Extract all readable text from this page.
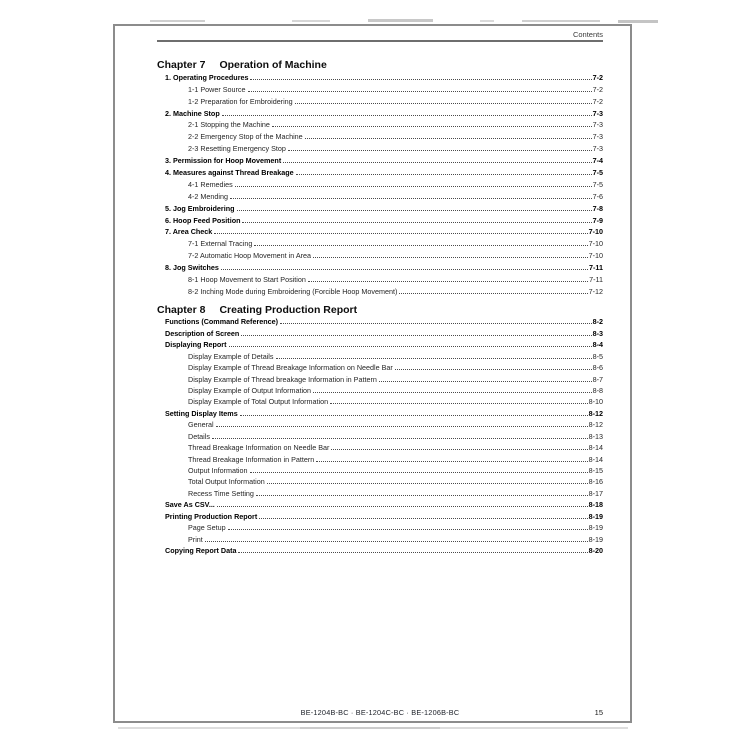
Contents
Chapter 7 Operation of Machine
1. Operating Procedures	7-2
1-1 Power Source	7-2
1-2 Preparation for Embroidering	7-2
2. Machine Stop	7-3
2-1 Stopping the Machine	7-3
2-2 Emergency Stop of the Machine	7-3
2-3 Resetting Emergency Stop	7-3
3. Permission for Hoop Movement	7-4
4. Measures against Thread Breakage	7-5
4-1 Remedies	7-5
4-2 Mending	7-6
5. Jog Embroidering	7-8
6. Hoop Feed Position	7-9
7. Area Check	7-10
7-1 External Tracing	7-10
7-2 Automatic Hoop Movement in Area	7-10
8. Jog Switches	7-11
8-1 Hoop Movement to Start Position	7-11
8-2 Inching Mode during Embroidering (Forcible Hoop Movement)	7-12
Chapter 8 Creating Production Report
Functions (Command Reference)	8-2
Description of Screen	8-3
Displaying Report	8-4
Display Example of Details	8-5
Display Example of Thread Breakage Information on Needle Bar	8-6
Display Example of Thread breakage Information in Pattern	8-7
Display Example of Output Information	8-8
Display Example of Total Output Information	8-10
Setting Display Items	8-12
General	8-12
Details	8-13
Thread Breakage Information on Needle Bar	8-14
Thread Breakage Information in Pattern	8-14
Output Information	8-15
Total Output Information	8-16
Recess Time Setting	8-17
Save As CSV...	8-18
Printing Production Report	8-19
Page Setup	8-19
Print	8-19
Copying Report Data	8-20
BE-1204B-BC · BE-1204C-BC · BE-1206B-BC	15
